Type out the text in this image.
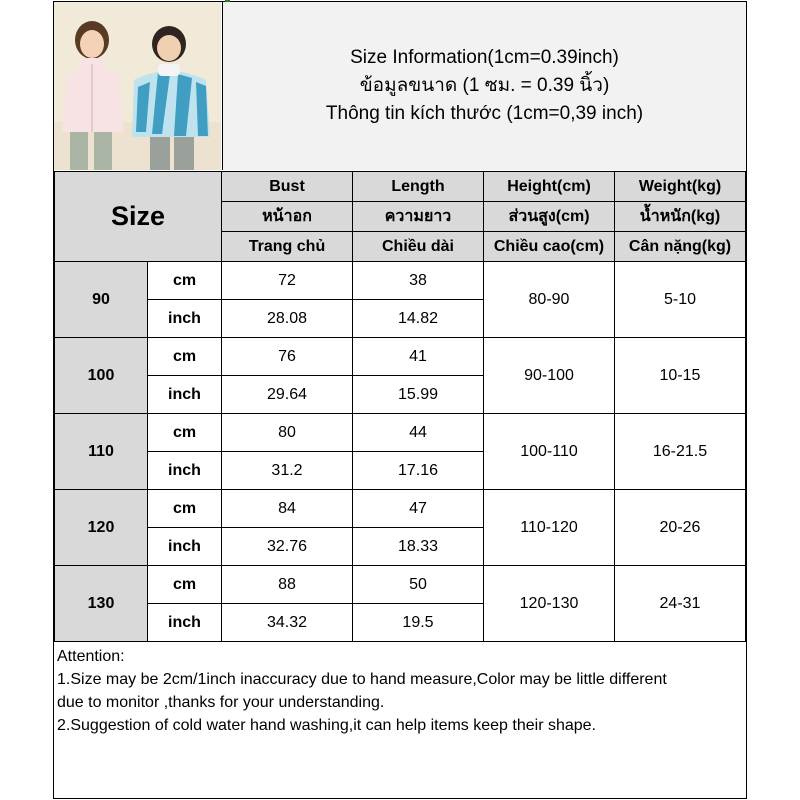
Size Information(1cm=0.39inch)
ข้อมูลขนาด (1 ซม. = 0.39 นิ้ว)
Thông tin kích thước (1cm=0,39 inch)
Size		Bust	Length	Height(cm)	Weight(kg)
		หน้าอก	ความยาว	ส่วนสูง(cm)	น้ำหนัก(kg)
		Trang chủ	Chiều dài	Chiều cao(cm)	Cân nặng(kg)
90	cm	72	38	80-90	5-10
	inch	28.08	14.82		
100	cm	76	41	90-100	10-15
	inch	29.64	15.99		
110	cm	80	44	100-110	16-21.5
	inch	31.2	17.16		
120	cm	84	47	110-120	20-26
	inch	32.76	18.33		
130	cm	88	50	120-130	24-31
	inch	34.32	19.5		
Attention:
1.Size may be 2cm/1inch inaccuracy due to hand measure,Color may be little different
due to monitor ,thanks for your understanding.
2.Suggestion of cold water hand washing,it can help items keep their shape.
